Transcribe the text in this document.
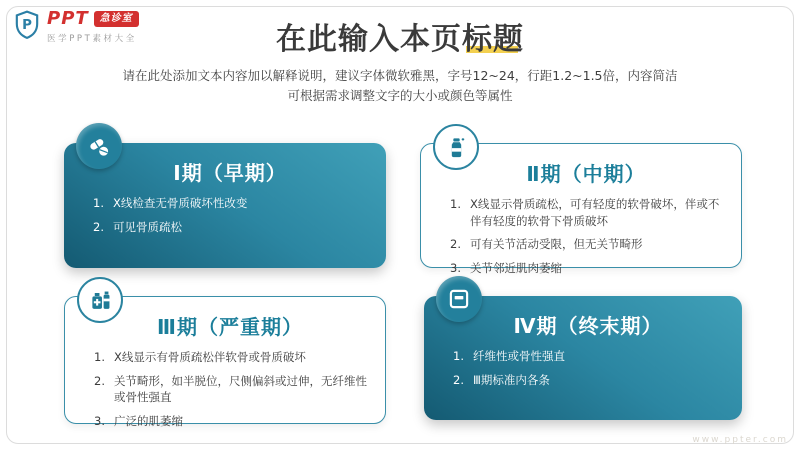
P PPT	急诊室
医学PPT素材大全	在此输入本页标题
请在此处添加文本内容加以解释说明，建议字体微软雅黑，字号12~24，行距1.2~1.5倍，内容简洁
可根据需求调整文字的大小或颜色等属性
Ⅰ期（早期）
X线检查无骨质破坏性改变
可见骨质疏松
Ⅱ期（中期）
X线显示骨质疏松，可有轻度的软骨破坏，伴或不伴有轻度的软骨下骨质破坏
可有关节活动受限，但无关节畸形
关节邻近肌肉萎缩
Ⅲ期（严重期）
X线显示有骨质疏松伴软骨或骨质破坏
关节畸形，如半脱位，尺侧偏斜或过伸，无纤维性或骨性强直
广泛的肌萎缩
Ⅳ期（终末期）
纤维性或骨性强直
Ⅲ期标准内各条
www.ppter.com
